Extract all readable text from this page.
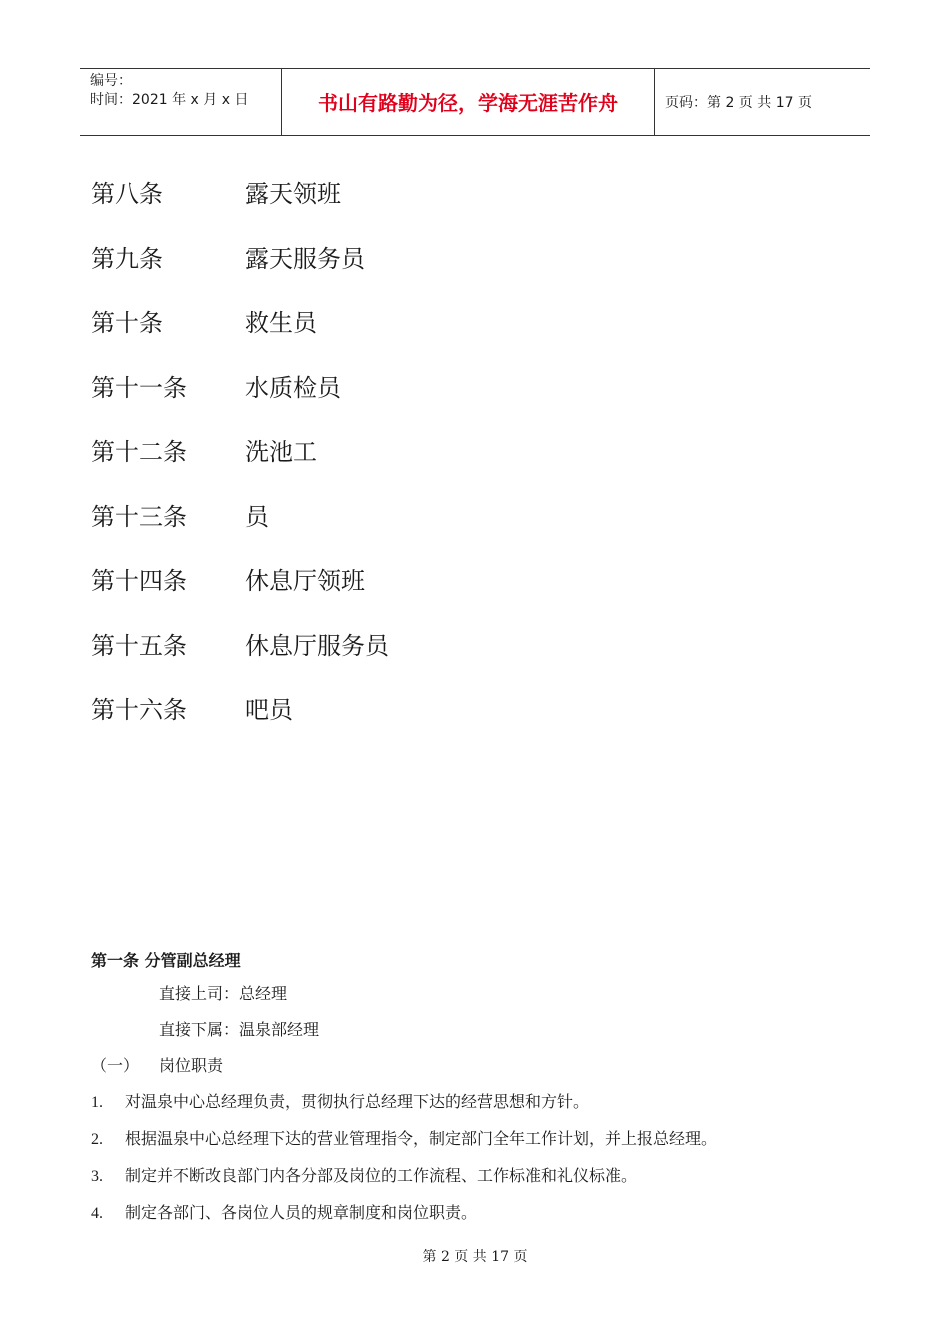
编号：
时间：2021 年 x 月 x 日	书山有路勤为径，学海无涯苦作舟	页码：第 2 页 共 17 页
第八条	露天领班
第九条	露天服务员
第十条	救生员
第十一条 水质检员
第十二条 洗池工
第十三条 员
第十四条 休息厅领班
第十五条 休息厅服务员
第十六条 吧员
第一条 分管副总经理
直接上司：总经理
直接下属：温泉部经理
（一） 岗位职责
1. 对温泉中心总经理负责，贯彻执行总经理下达的经营思想和方针。
2. 根据温泉中心总经理下达的营业管理指令，制定部门全年工作计划，并上报总经理。
3. 制定并不断改良部门内各分部及岗位的工作流程、工作标准和礼仪标准。
4. 制定各部门、各岗位人员的规章制度和岗位职责。
第 2 页 共 17 页
